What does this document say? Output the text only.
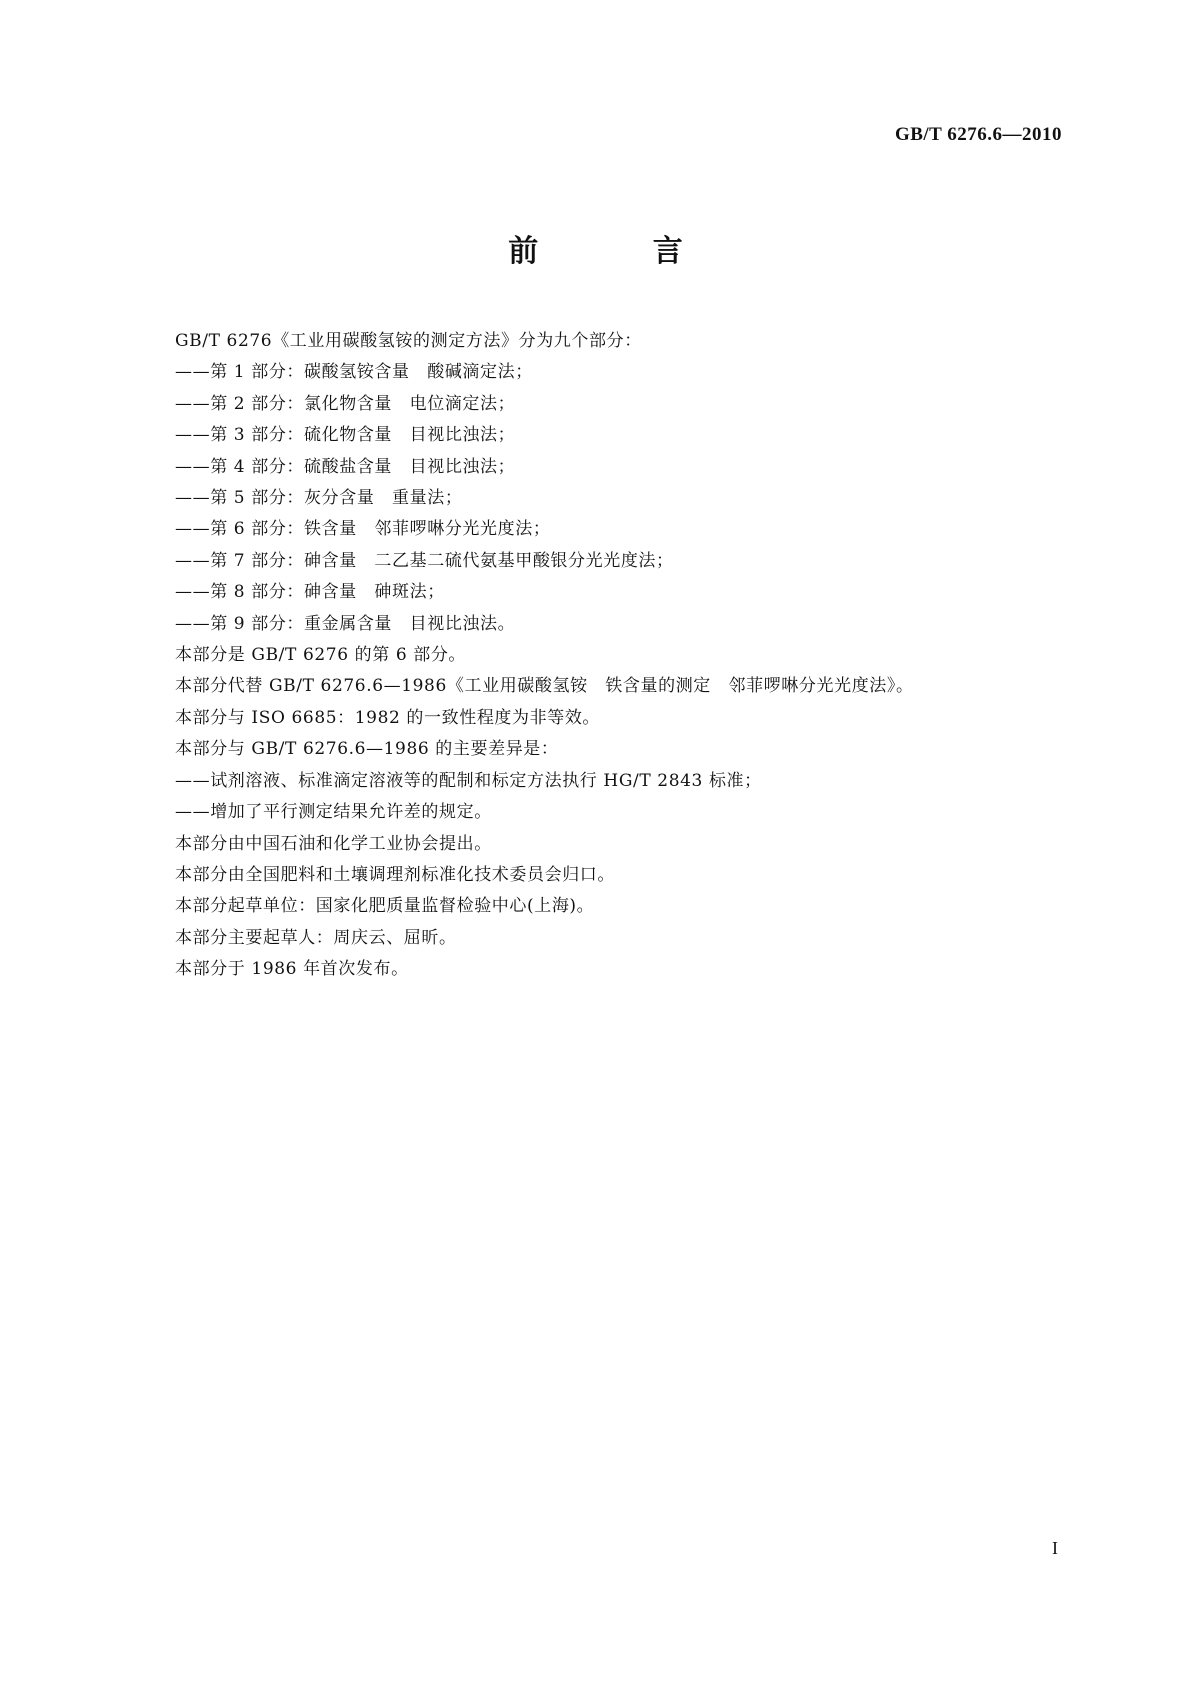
GB/T 6276.6—2010
前 言
GB/T 6276《工业用碳酸氢铵的测定方法》分为九个部分：
——第 1 部分：碳酸氢铵含量　酸碱滴定法；
——第 2 部分：氯化物含量　电位滴定法；
——第 3 部分：硫化物含量　目视比浊法；
——第 4 部分：硫酸盐含量　目视比浊法；
——第 5 部分：灰分含量　重量法；
——第 6 部分：铁含量　邻菲啰啉分光光度法；
——第 7 部分：砷含量　二乙基二硫代氨基甲酸银分光光度法；
——第 8 部分：砷含量　砷斑法；
——第 9 部分：重金属含量　目视比浊法。
本部分是 GB/T 6276 的第 6 部分。
本部分代替 GB/T 6276.6—1986《工业用碳酸氢铵　铁含量的测定　邻菲啰啉分光光度法》。
本部分与 ISO 6685：1982 的一致性程度为非等效。
本部分与 GB/T 6276.6—1986 的主要差异是：
——试剂溶液、标准滴定溶液等的配制和标定方法执行 HG/T 2843 标准；
——增加了平行测定结果允许差的规定。
本部分由中国石油和化学工业协会提出。
本部分由全国肥料和土壤调理剂标准化技术委员会归口。
本部分起草单位：国家化肥质量监督检验中心(上海)。
本部分主要起草人：周庆云、屈昕。
本部分于 1986 年首次发布。
I
